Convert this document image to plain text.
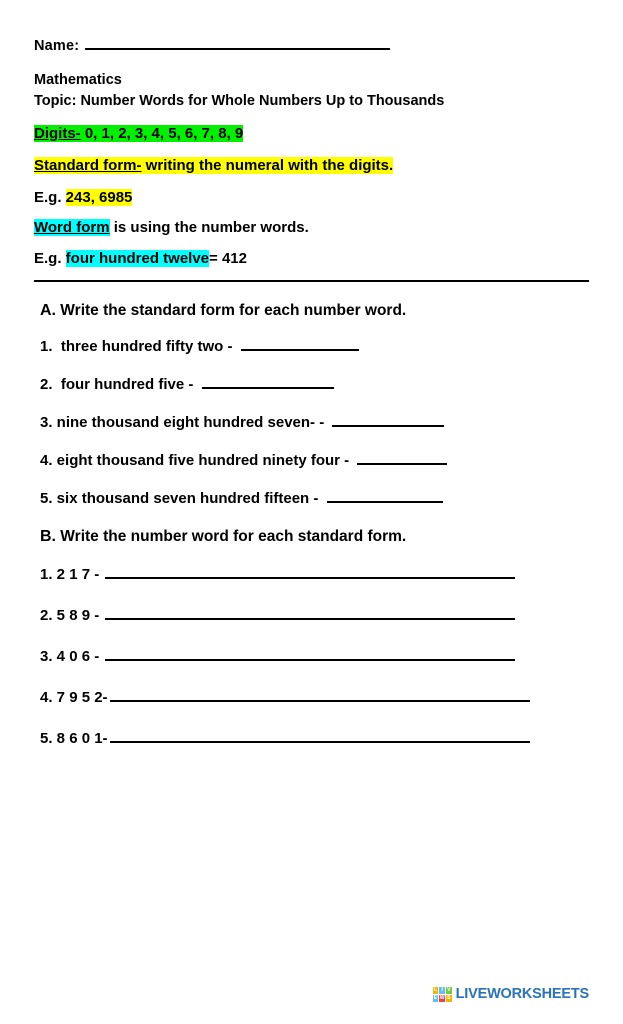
Name:
Mathematics
Topic: Number Words for Whole Numbers Up to Thousands
Digits- 0, 1, 2, 3, 4, 5, 6, 7, 8, 9
Standard form- writing the numeral with the digits.
E.g. 243, 6985
Word form is using the number words.
E.g. four hundred twelve= 412
A. Write the standard form for each number word.
1. three hundred fifty two -
2. four hundred five -
3. nine thousand eight hundred seven- -
4. eight thousand five hundred ninety four -
5. six thousand seven hundred fifteen -
B. Write the number word for each standard form.
1. 2 1 7 -
2. 5 8 9 -
3. 4 0 6 -
4. 7 9 5 2-
5. 8 6 0 1-
L I V
E W S LIVEWORKSHEETS
